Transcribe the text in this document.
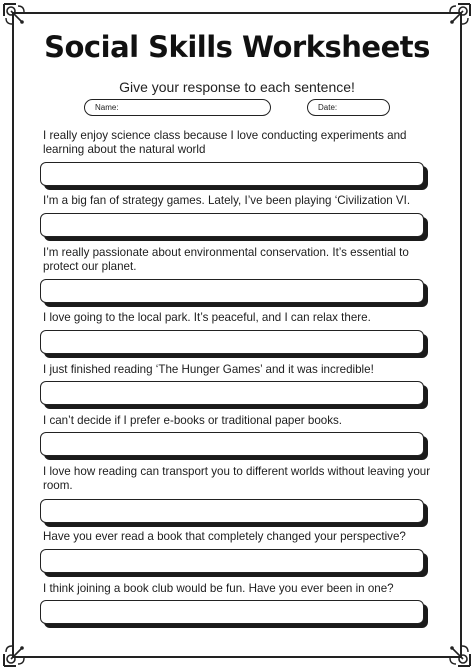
Social Skills Worksheets
Give your response to each sentence!
Name:	Date:
I really enjoy science class because I love conducting experiments and learning about the natural world
I’m a big fan of strategy games. Lately, I’ve been playing ‘Civilization VI.
I’m really passionate about environmental conservation. It’s essential to protect our planet.
I love going to the local park. It’s peaceful, and I can relax there.
I just finished reading ‘The Hunger Games’ and it was incredible!
I can’t decide if I prefer e-books or traditional paper books.
I love how reading can transport you to different worlds without leaving your room.
Have you ever read a book that completely changed your perspective?
I think joining a book club would be fun. Have you ever been in one?
